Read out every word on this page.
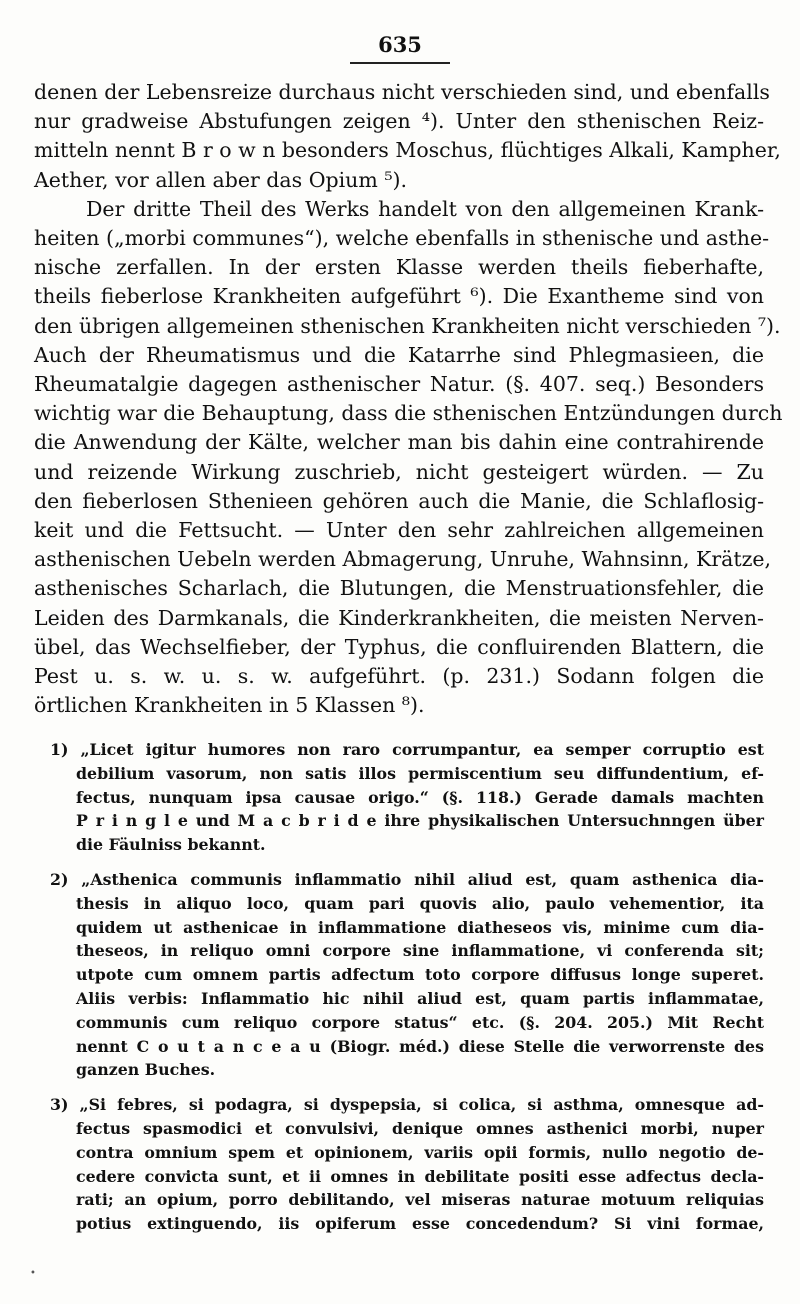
635
denen der Lebensreize durchaus nicht verschieden sind, und ebenfalls
nur gradweise Abstufungen zeigen ⁴). Unter den sthenischen Reiz-
mitteln nennt B r o w n besonders Moschus, flüchtiges Alkali, Kampher,
Aether, vor allen aber das Opium ⁵).
Der dritte Theil des Werks handelt von den allgemeinen Krank-
heiten („morbi communes“), welche ebenfalls in sthenische und asthe-
nische zerfallen. In der ersten Klasse werden theils fieberhafte,
theils fieberlose Krankheiten aufgeführt ⁶). Die Exantheme sind von
den übrigen allgemeinen sthenischen Krankheiten nicht verschieden ⁷).
Auch der Rheumatismus und die Katarrhe sind Phlegmasieen, die
Rheumatalgie dagegen asthenischer Natur. (§. 407. seq.) Besonders
wichtig war die Behauptung, dass die sthenischen Entzündungen durch
die Anwendung der Kälte, welcher man bis dahin eine contrahirende
und reizende Wirkung zuschrieb, nicht gesteigert würden. — Zu
den fieberlosen Sthenieen gehören auch die Manie, die Schlaflosig-
keit und die Fettsucht. — Unter den sehr zahlreichen allgemeinen
asthenischen Uebeln werden Abmagerung, Unruhe, Wahnsinn, Krätze,
asthenisches Scharlach, die Blutungen, die Menstruationsfehler, die
Leiden des Darmkanals, die Kinderkrankheiten, die meisten Nerven-
übel, das Wechselfieber, der Typhus, die confluirenden Blattern, die
Pest u. s. w. u. s. w. aufgeführt. (p. 231.) Sodann folgen die
örtlichen Krankheiten in 5 Klassen ⁸).
1) „Licet igitur humores non raro corrumpantur, ea semper corruptio est
debilium vasorum, non satis illos permiscentium seu diffundentium, ef-
fectus, nunquam ipsa causae origo.“ (§. 118.) Gerade damals machten
P r i n g l e und M a c b r i d e ihre physikalischen Untersuchnngen über
die Fäulniss bekannt.
2) „Asthenica communis inflammatio nihil aliud est, quam asthenica dia-
thesis in aliquo loco, quam pari quovis alio, paulo vehementior, ita
quidem ut asthenicae in inflammatione diatheseos vis, minime cum dia-
theseos, in reliquo omni corpore sine inflammatione, vi conferenda sit;
utpote cum omnem partis adfectum toto corpore diffusus longe superet.
Aliis verbis: Inflammatio hic nihil aliud est, quam partis inflammatae,
communis cum reliquo corpore status“ etc. (§. 204. 205.) Mit Recht
nennt C o u t a n c e a u (Biogr. méd.) diese Stelle die verworrenste des
ganzen Buches.
3) „Si febres, si podagra, si dyspepsia, si colica, si asthma, omnesque ad-
fectus spasmodici et convulsivi, denique omnes asthenici morbi, nuper
contra omnium spem et opinionem, variis opii formis, nullo negotio de-
cedere convicta sunt, et ii omnes in debilitate positi esse adfectus decla-
rati; an opium, porro debilitando, vel miseras naturae motuum reliquias
potius extinguendo, iis opiferum esse concedendum? Si vini formae,
•
